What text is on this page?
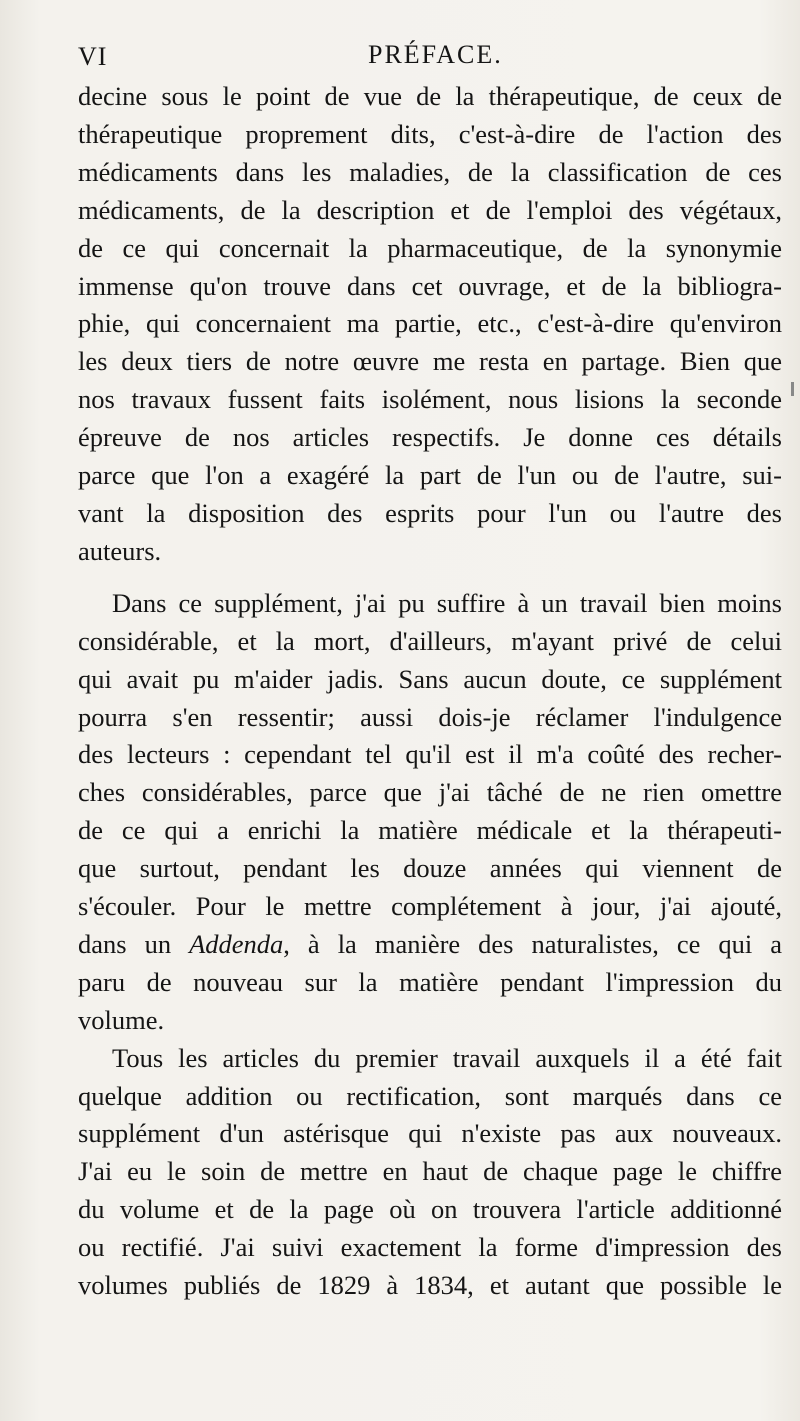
VI	PRÉFACE.
decine sous le point de vue de la thérapeutique, de ceux de
thérapeutique proprement dits, c'est-à-dire de l'action des
médicaments dans les maladies, de la classification de ces
médicaments, de la description et de l'emploi des végétaux,
de ce qui concernait la pharmaceutique, de la synonymie
immense qu'on trouve dans cet ouvrage, et de la bibliogra-
phie, qui concernaient ma partie, etc., c'est-à-dire qu'environ
les deux tiers de notre œuvre me resta en partage. Bien que
nos travaux fussent faits isolément, nous lisions la seconde
épreuve de nos articles respectifs. Je donne ces détails
parce que l'on a exagéré la part de l'un ou de l'autre, sui-
vant la disposition des esprits pour l'un ou l'autre des
auteurs.
Dans ce supplément, j'ai pu suffire à un travail bien moins
considérable, et la mort, d'ailleurs, m'ayant privé de celui
qui avait pu m'aider jadis. Sans aucun doute, ce supplément
pourra s'en ressentir; aussi dois-je réclamer l'indulgence
des lecteurs : cependant tel qu'il est il m'a coûté des recher-
ches considérables, parce que j'ai tâché de ne rien omettre
de ce qui a enrichi la matière médicale et la thérapeuti-
que surtout, pendant les douze années qui viennent de
s'écouler. Pour le mettre complétement à jour, j'ai ajouté,
dans un Addenda, à la manière des naturalistes, ce qui a
paru de nouveau sur la matière pendant l'impression du
volume.
Tous les articles du premier travail auxquels il a été fait
quelque addition ou rectification, sont marqués dans ce
supplément d'un astérisque qui n'existe pas aux nouveaux.
J'ai eu le soin de mettre en haut de chaque page le chiffre
du volume et de la page où on trouvera l'article additionné
ou rectifié. J'ai suivi exactement la forme d'impression des
volumes publiés de 1829 à 1834, et autant que possible le
